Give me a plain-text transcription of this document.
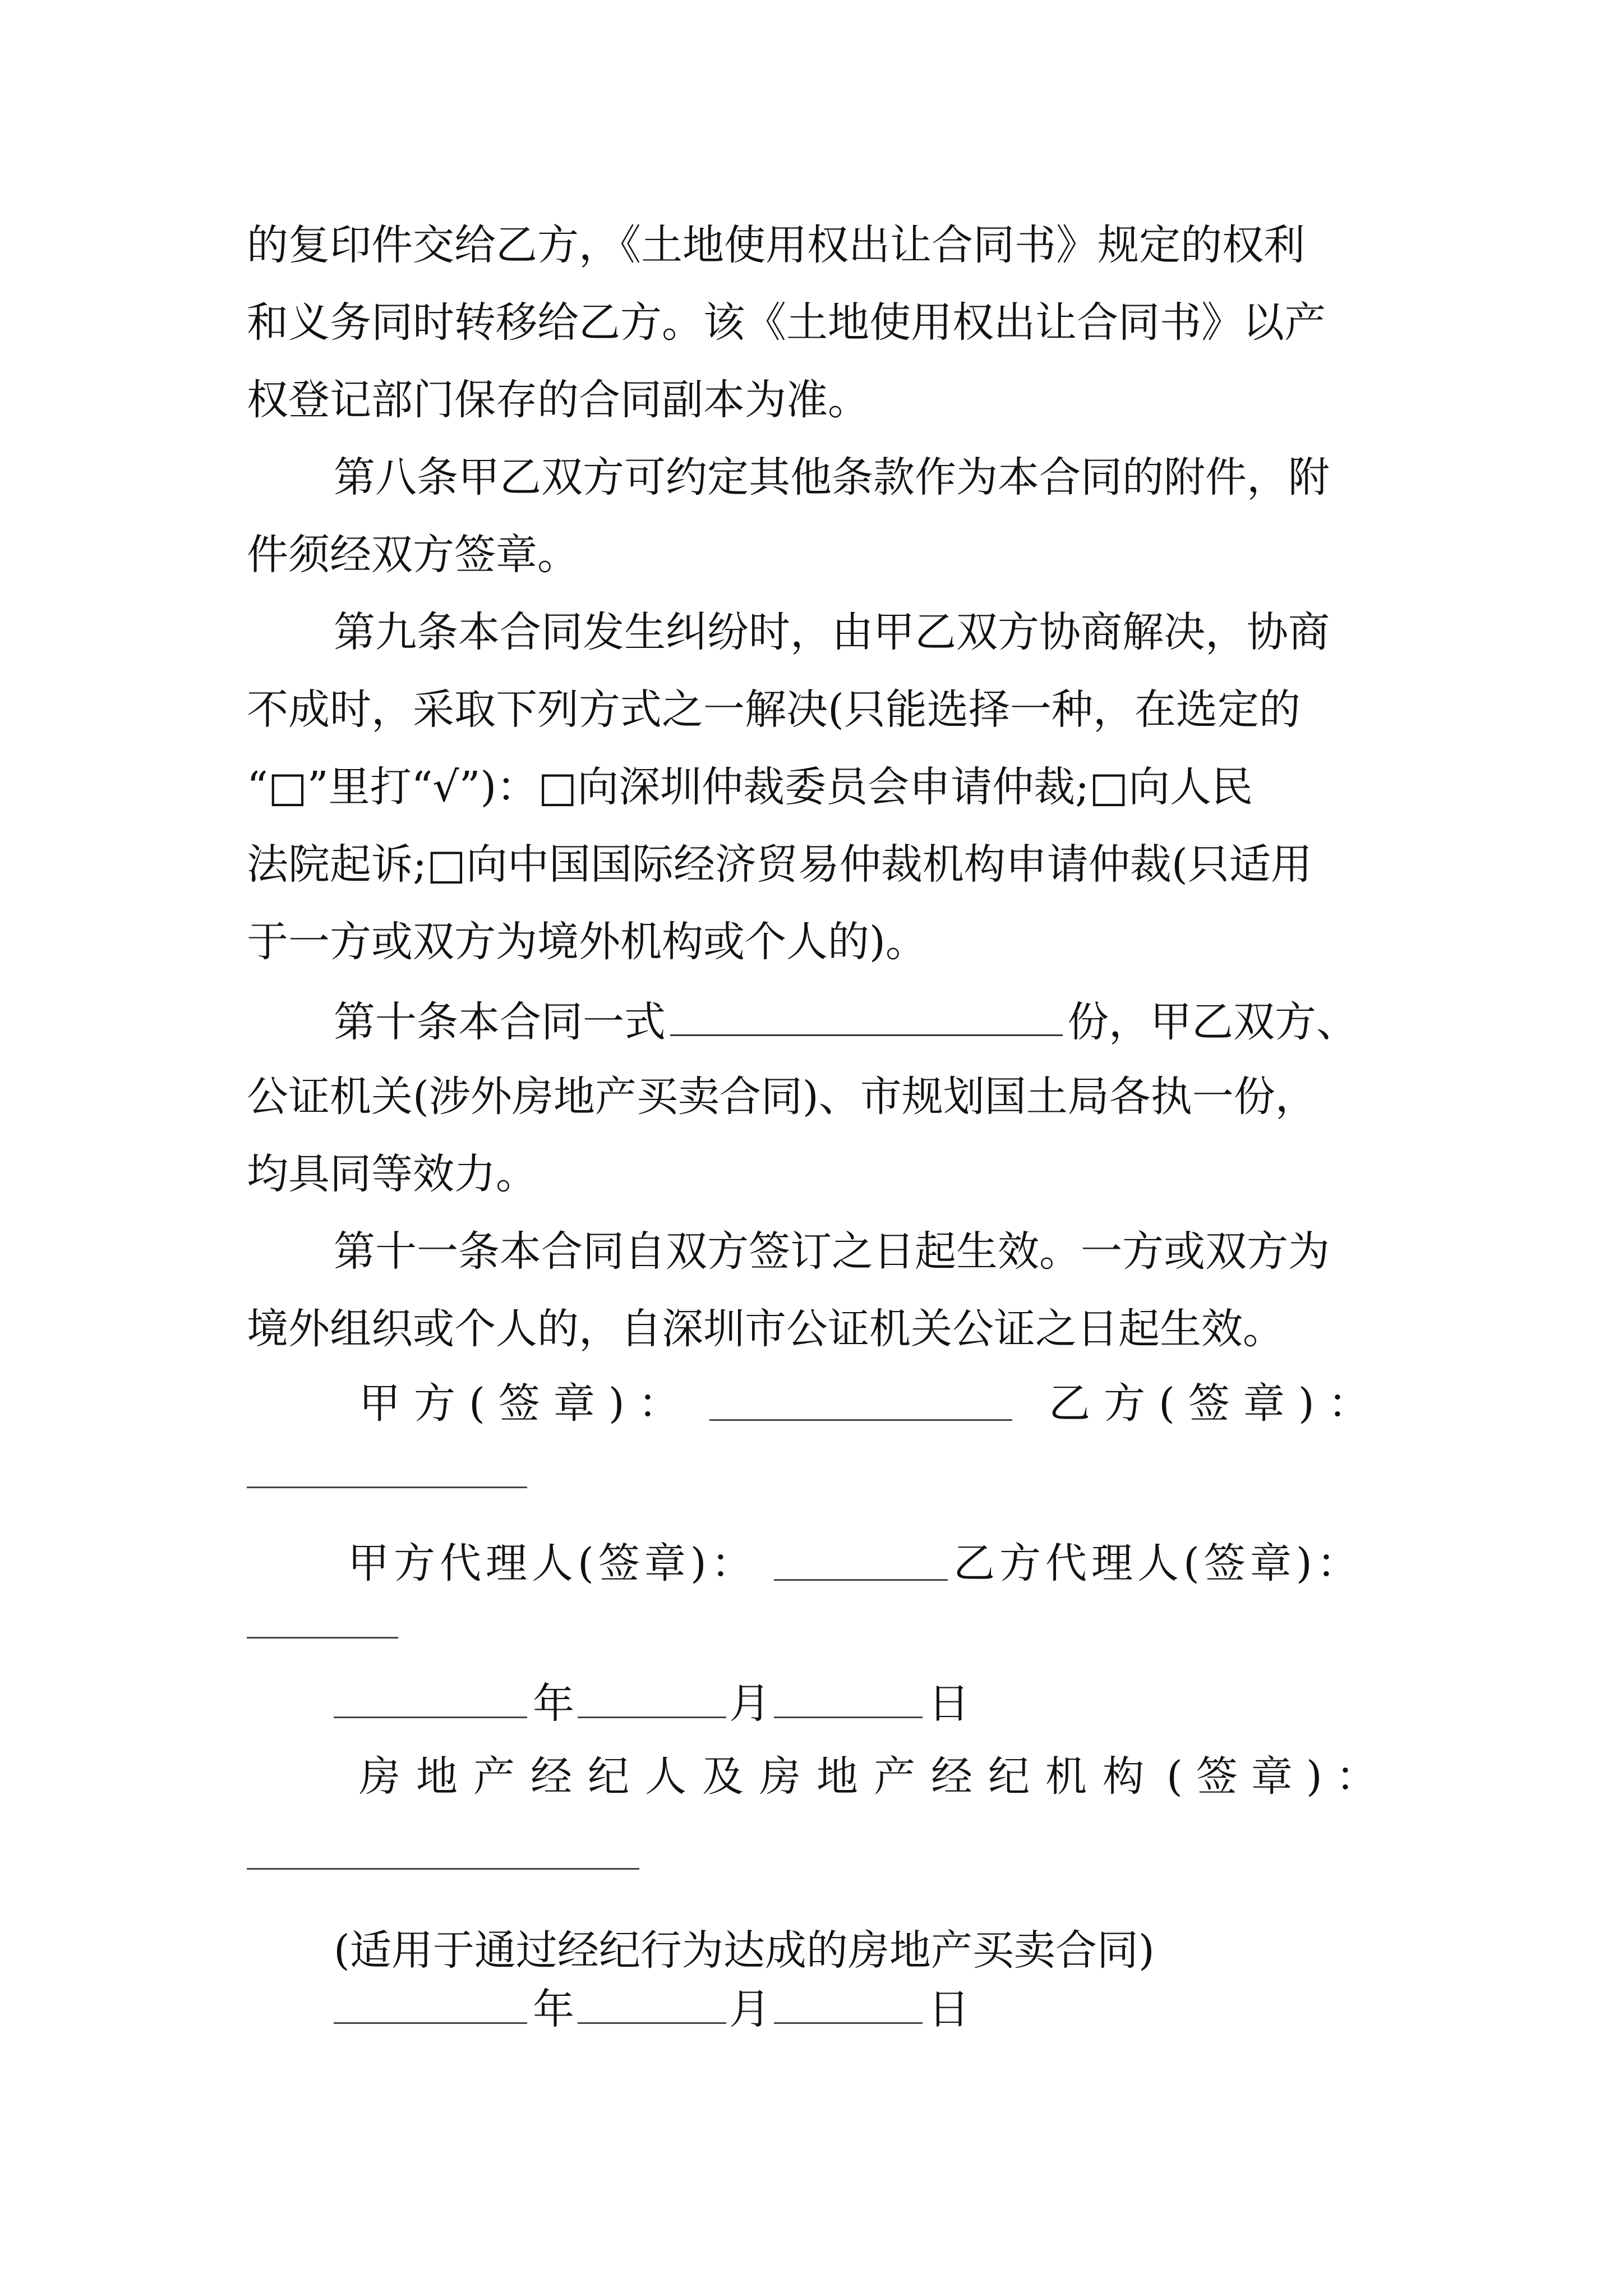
的复印件交给乙方，《土地使用权出让合同书》规定的权利
和义务同时转移给乙方。该《土地使用权出让合同书》以产
权登记部门保存的合同副本为准。
第八条甲乙双方可约定其他条款作为本合同的附件，附
件须经双方签章。
第九条本合同发生纠纷时，由甲乙双方协商解决，协商
不成时，采取下列方式之一解决(只能选择一种，在选定的
“□”里打“√”)：□向深圳仲裁委员会申请仲裁;□向人民
法院起诉;□向中国国际经济贸易仲裁机构申请仲裁(只适用
于一方或双方为境外机构或个人的)。
第十条本合同一式	份，甲乙双方、
公证机关(涉外房地产买卖合同)、市规划国土局各执一份，
均具同等效力。
第十一条本合同自双方签订之日起生效。一方或双方为
境外组织或个人的，自深圳市公证机关公证之日起生效。
甲方(签章)：	乙方(签章)：
甲方代理人(签章)：	乙方代理人(签章)：
年	月	日
房地产经纪人及房地产经纪机构 (签章)：
(适用于通过经纪行为达成的房地产买卖合同)
年	月	日
